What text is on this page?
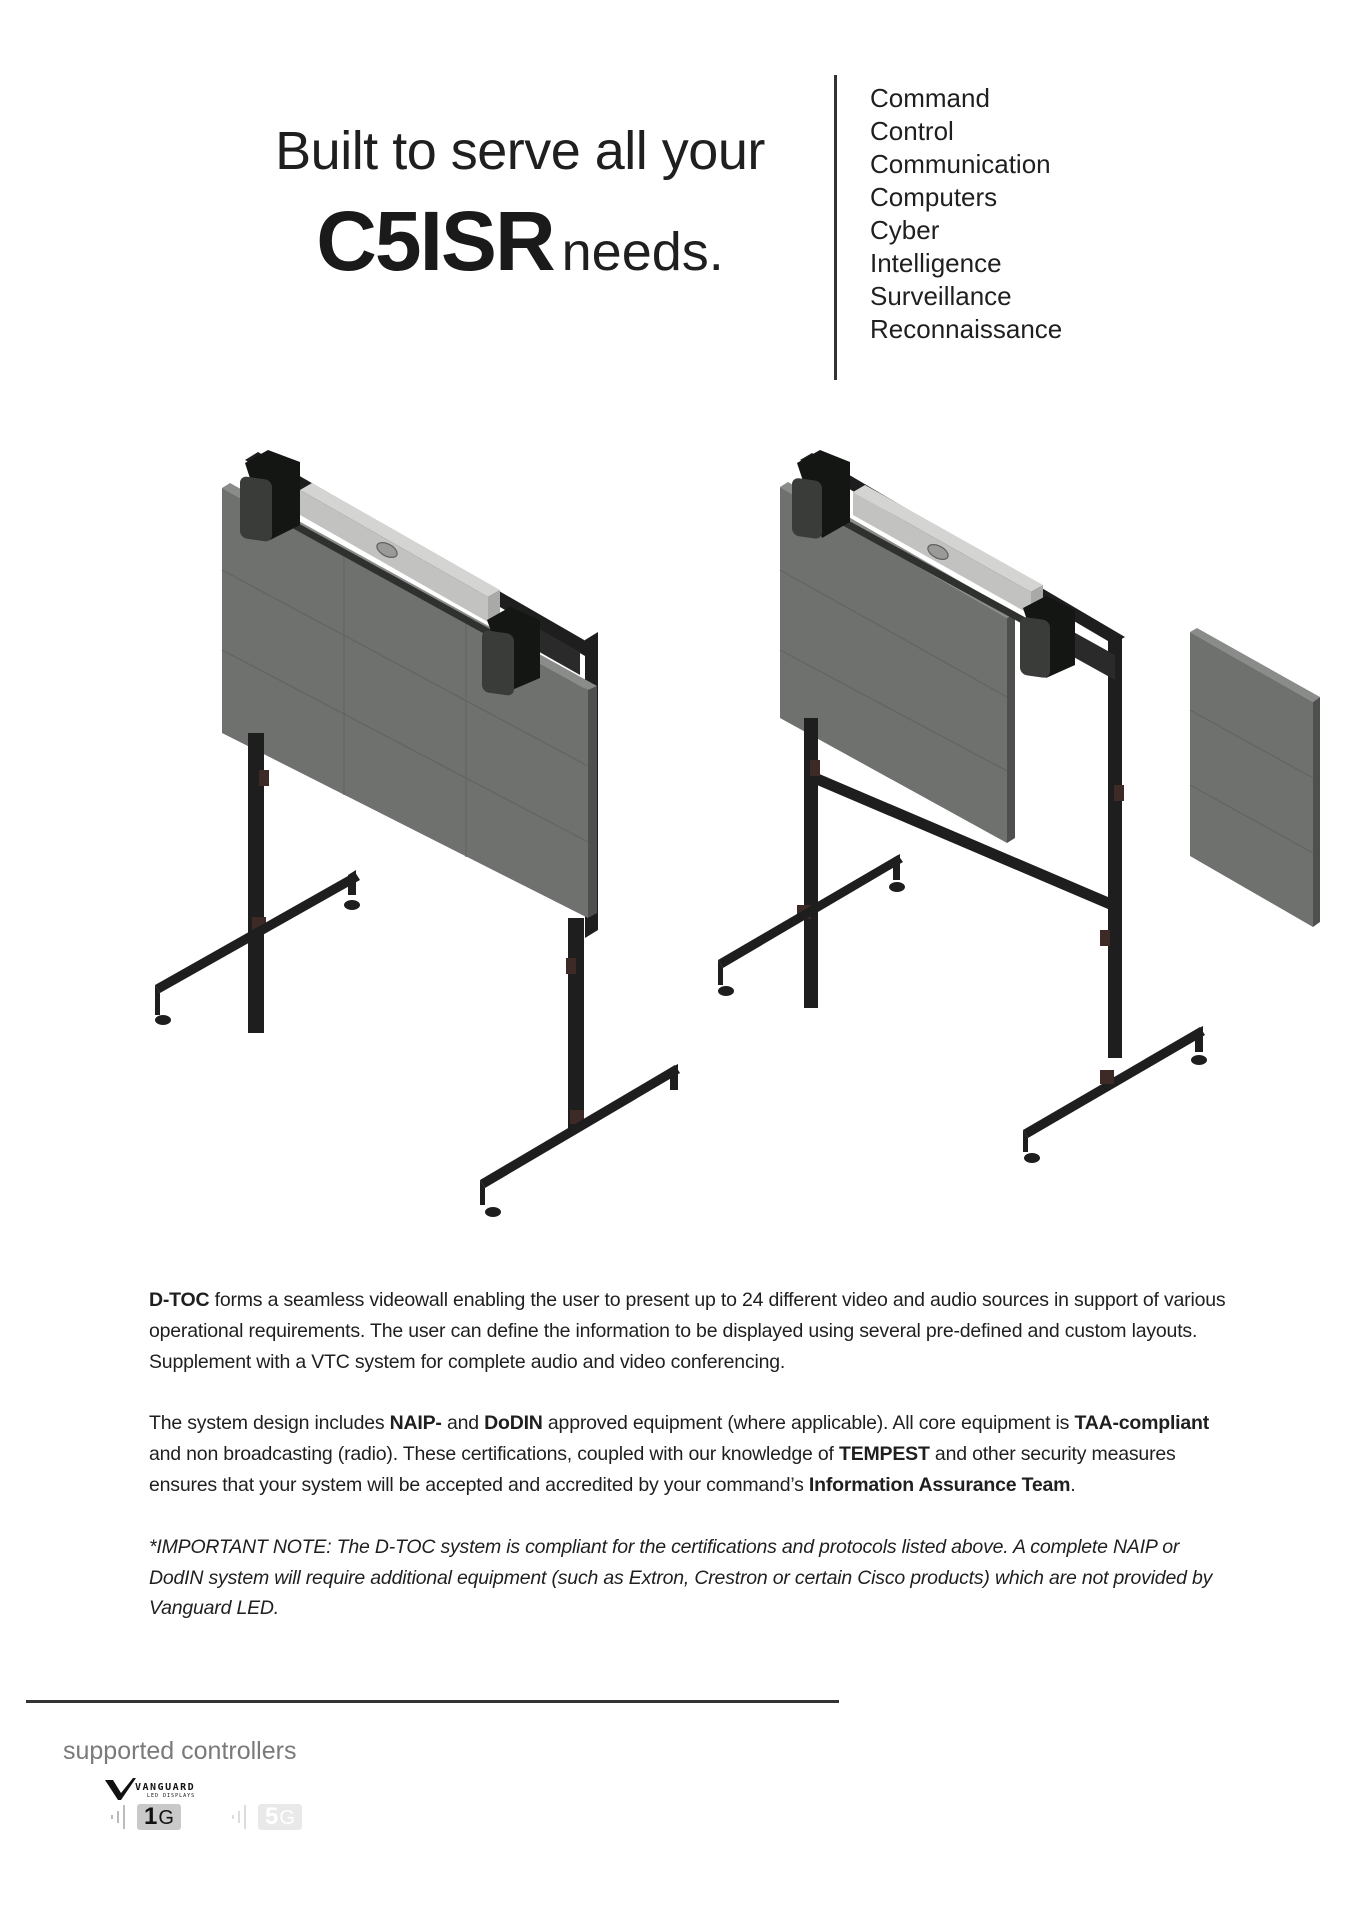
Built to serve all your
C5ISR needs.
Command
Control
Communication
Computers
Cyber
Intelligence
Surveillance
Reconnaissance

D-TOC forms a seamless videowall enabling the user to present up to 24 different video and audio sources in support of various operational requirements. The user can define the information to be displayed using several pre-defined and custom layouts. Supplement with a VTC system for complete audio and video conferencing.

The system design includes NAIP- and DoDIN approved equipment (where applicable). All core equipment is TAA-compliant and non broadcasting (radio). These certifications, coupled with our knowledge of TEMPEST and other security measures ensures that your system will be accepted and accredited by your command’s Information Assurance Team.

*IMPORTANT NOTE: The D-TOC system is compliant for the certifications and protocols listed above. A complete NAIP or DodIN system will require additional equipment (such as Extron, Crestron or certain Cisco products) which are not provided by Vanguard LED.

supported controllers
VANGUARD
LED DISPLAYS
1 G	5 G
